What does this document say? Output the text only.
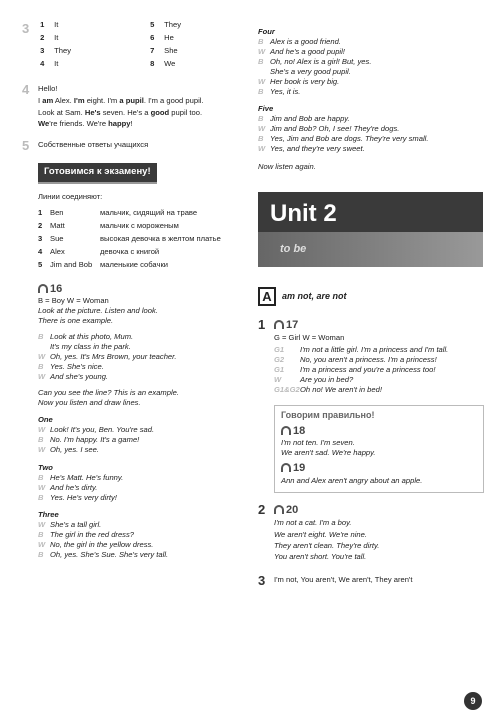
3 1	It	5	They
2	It	6	He
3	They	7	She
4	It	8	We
4	Hello!
I am Alex. I'm eight. I'm a pupil. I'm a good pupil.
Look at Sam. He's seven. He's a good pupil too.
We're friends. We're happy!
5	Собственные ответы учащихся
Готовимся к экзамену!
Линии соединяют:
1	Ben	мальчик, сидящий на траве
2	Matt	мальчик с мороженым
3	Sue	высокая девочка в желтом платье
4	Alex	девочка с книгой
5	Jim and Bob	маленькие собачки
16
B = Boy W = Woman
Look at the picture. Listen and look.
There is one example.
B Look at this photo, Mum.
It's my class in the park.
W Oh, yes. It's Mrs Brown, your teacher.
B Yes. She's nice.
W And she's young.
Can you see the line? This is an example.
Now you listen and draw lines.
One
W Look! It's you, Ben. You're sad.
B No. I'm happy. It's a game!
W Oh, yes. I see.
Two
B He's Matt. He's funny.
W And he's dirty.
B Yes. He's very dirty!
Three
W She's a tall girl.
B The girl in the red dress?
W No, the girl in the yellow dress.
B Oh, yes. She's Sue. She's very tall.
Four
B Alex is a good friend.
W And he's a good pupil!
B Oh, no! Alex is a girl! But, yes.
She's a very good pupil.
W Her book is very big.
B Yes, it is.
Five
B Jim and Bob are happy.
W Jim and Bob? Oh, I see! They're dogs.
B Yes, Jim and Bob are dogs. They're very small.
W Yes, and they're very sweet.
Now listen again.
Unit 2
to be
A	am not, are not
1	17
G = Girl W = Woman
G1 I'm not a little girl. I'm a princess and I'm tall.
G2 No, you aren't a princess. I'm a princess!
G1 I'm a princess and you're a princess too!
W Are you in bed?
G1&G2Oh no! We aren't in bed!
Говорим правильно!
18
I'm not ten. I'm seven.
We aren't sad. We're happy.
19
Ann and Alex aren't angry about an apple.
2	20
I'm not a cat. I'm a boy.
We aren't eight. We're nine.
They aren't clean. They're dirty.
You aren't short. You're tall.
3	I'm not, You aren't, We aren't, They aren't
9
